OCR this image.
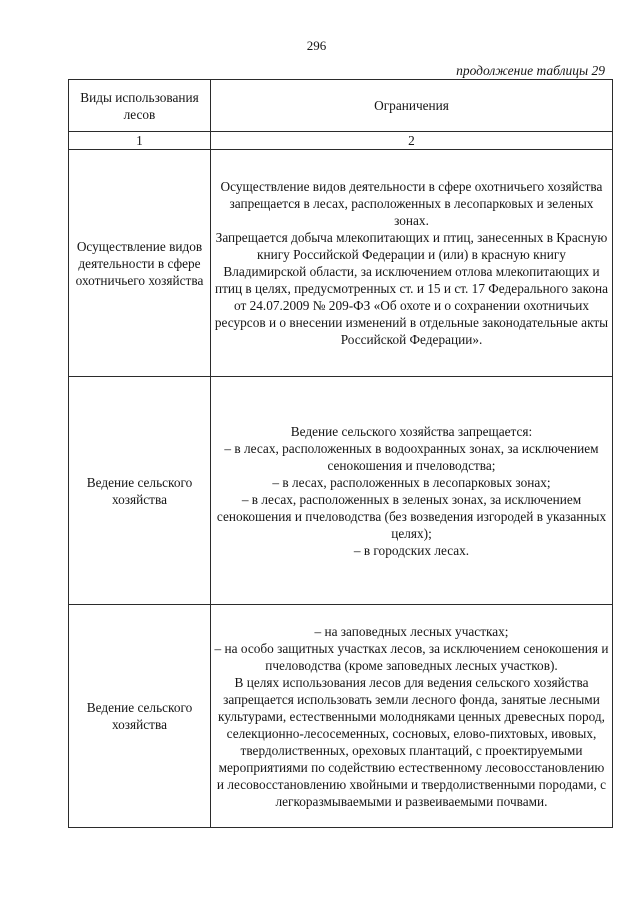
296
продолжение таблицы 29
Виды использования лесов	Ограничения
1	2

Осуществление видов деятельности в сфере охотничьего хозяйства	Осуществление видов деятельности в сфере охотничьего хозяйства запрещается в лесах, расположенных в лесопарковых и зеленых зонах.
Запрещается добыча млекопитающих и птиц, занесенных в Красную книгу Российской Федерации и (или) в красную книгу Владимирской области, за исключением отлова млекопитающих и птиц в целях, предусмотренных ст. и 15 и ст. 17 Федерального закона от 24.07.2009 № 209-ФЗ «Об охоте и о сохранении охотничьих ресурсов и о внесении изменений в отдельные законодательные акты Российской Федерации».

Ведение сельского хозяйства	Ведение сельского хозяйства запрещается:
– в лесах, расположенных в водоохранных зонах, за исключением сенокошения и пчеловодства;
– в лесах, расположенных в лесопарковых зонах;
– в лесах, расположенных в зеленых зонах, за исключением сенокошения и пчеловодства (без возведения изгородей в указанных целях);
– в городских лесах.

Ведение сельского хозяйства	– на заповедных лесных участках;
– на особо защитных участках лесов, за исключением сенокошения и пчеловодства (кроме заповедных лесных участков).
В целях использования лесов для ведения сельского хозяйства запрещается использовать земли лесного фонда, занятые лесными культурами, естественными молодняками ценных древесных пород, селекционно-лесосеменных, сосновых, елово-пихтовых, ивовых, твердолиственных, ореховых плантаций, с проектируемыми мероприятиями по содействию естественному лесовосстановлению и лесовосстановлению хвойными и твердолиственными породами, с легкоразмываемыми и развеиваемыми почвами.
